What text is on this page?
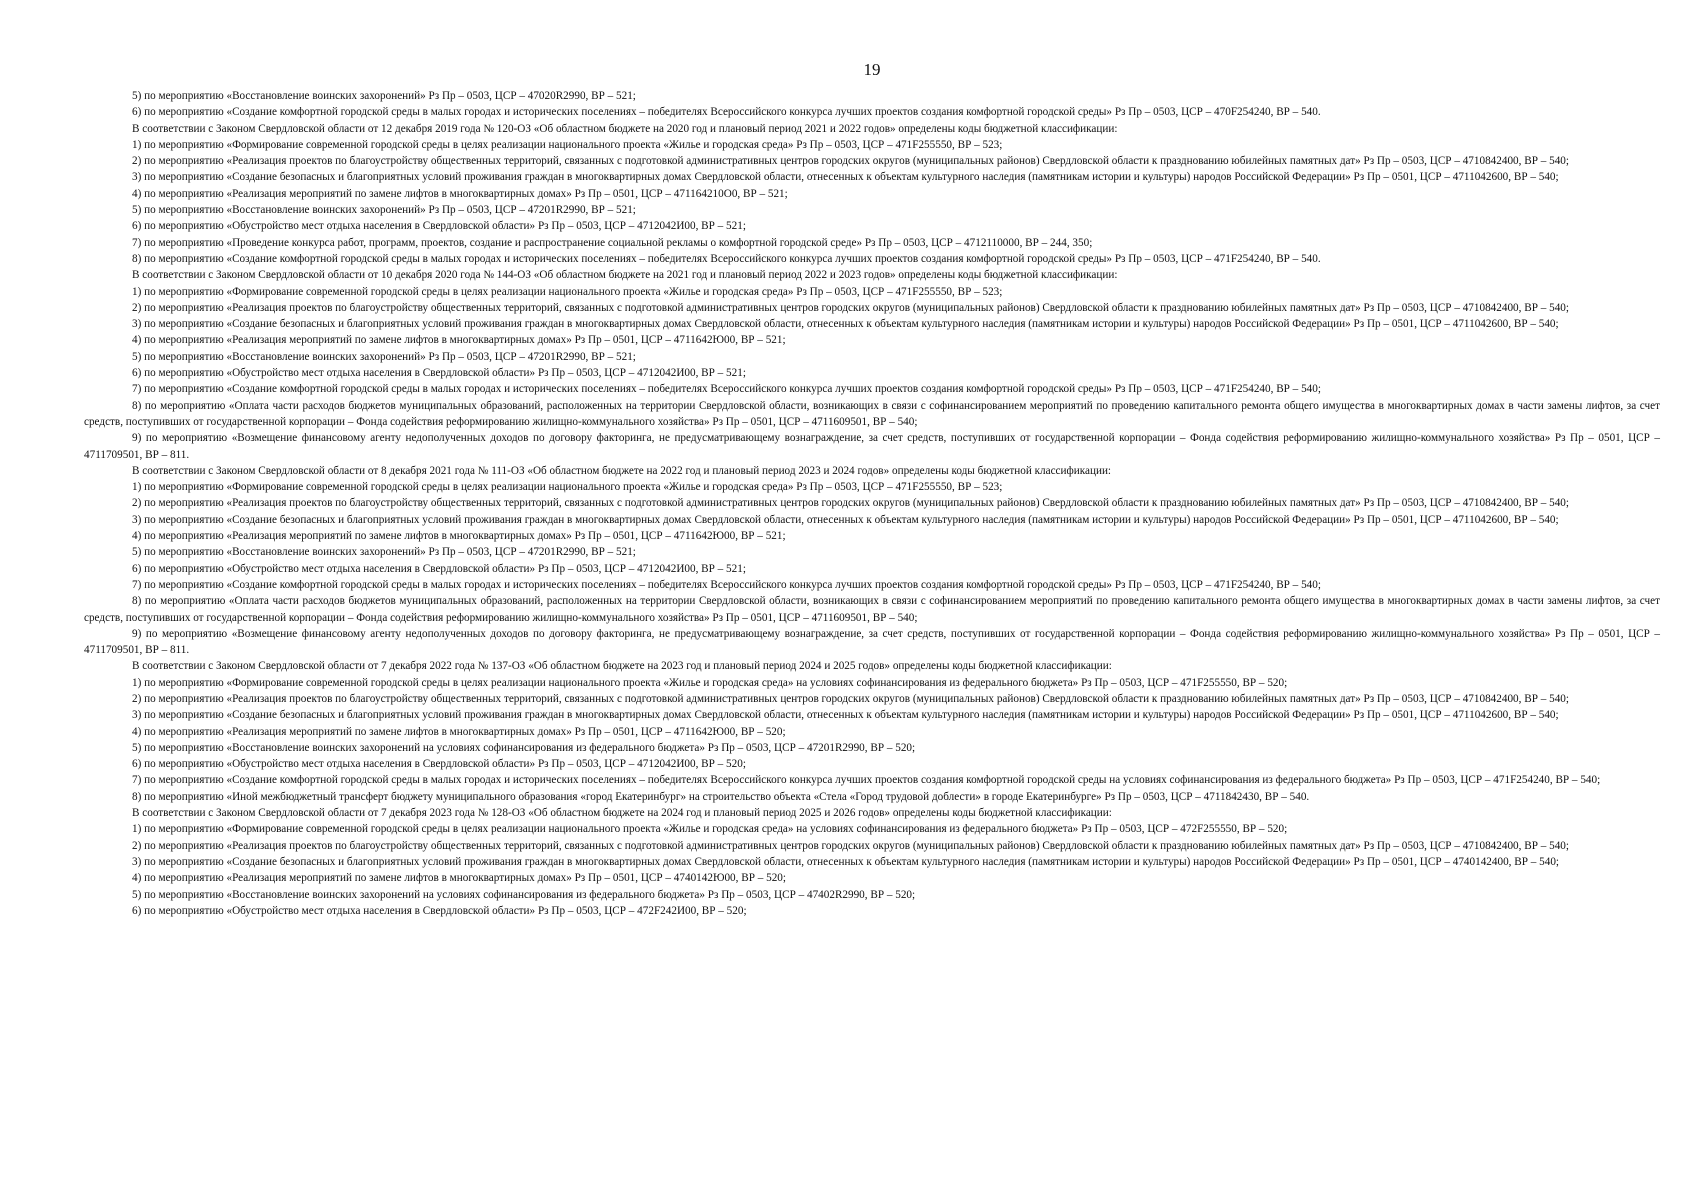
19

5) по мероприятию «Восстановление воинских захоронений» Рз Пр – 0503, ЦСР – 47020R2990, ВР – 521;

6) по мероприятию «Создание комфортной городской среды в малых городах и исторических поселениях – победителях Всероссийского конкурса лучших проектов создания комфортной городской среды» Рз Пр – 0503, ЦСР – 470F254240, ВР – 540.

В соответствии с Законом Свердловской области от 12 декабря 2019 года № 120-ОЗ «Об областном бюджете на 2020 год и плановый период 2021 и 2022 годов» определены коды бюджетной классификации:

1) по мероприятию «Формирование современной городской среды в целях реализации национального проекта «Жилье и городская среда» Рз Пр – 0503, ЦСР – 471F255550, ВР – 523;

2) по мероприятию «Реализация проектов по благоустройству общественных территорий, связанных с подготовкой административных центров городских округов (муниципальных районов) Свердловской области к празднованию юбилейных памятных дат» Рз Пр – 0503, ЦСР – 4710842400, ВР – 540;

3) по мероприятию «Создание безопасных и благоприятных условий проживания граждан в многоквартирных домах Свердловской области, отнесенных к объектам культурного наследия (памятникам истории и культуры) народов Российской Федерации» Рз Пр – 0501, ЦСР – 4711042600, ВР – 540;

4) по мероприятию «Реализация мероприятий по замене лифтов в многоквартирных домах» Рз Пр – 0501, ЦСР – 471164210О0, ВР – 521;

5) по мероприятию «Восстановление воинских захоронений» Рз Пр – 0503, ЦСР – 47201R2990, ВР – 521;

6) по мероприятию «Обустройство мест отдыха населения в Свердловской области» Рз Пр – 0503, ЦСР – 4712042И00, ВР – 521;

7) по мероприятию «Проведение конкурса работ, программ, проектов, создание и распространение социальной рекламы о комфортной городской среде» Рз Пр – 0503, ЦСР – 4712110000, ВР – 244, 350;

8) по мероприятию «Создание комфортной городской среды в малых городах и исторических поселениях – победителях Всероссийского конкурса лучших проектов создания комфортной городской среды» Рз Пр – 0503, ЦСР – 471F254240, ВР – 540.

В соответствии с Законом Свердловской области от 10 декабря 2020 года № 144-ОЗ «Об областном бюджете на 2021 год и плановый период 2022 и 2023 годов» определены коды бюджетной классификации:

1) по мероприятию «Формирование современной городской среды в целях реализации национального проекта «Жилье и городская среда» Рз Пр – 0503, ЦСР – 471F255550, ВР – 523;

2) по мероприятию «Реализация проектов по благоустройству общественных территорий, связанных с подготовкой административных центров городских округов (муниципальных районов) Свердловской области к празднованию юбилейных памятных дат» Рз Пр – 0503, ЦСР – 4710842400, ВР – 540;

3) по мероприятию «Создание безопасных и благоприятных условий проживания граждан в многоквартирных домах Свердловской области, отнесенных к объектам культурного наследия (памятникам истории и культуры) народов Российской Федерации» Рз Пр – 0501, ЦСР – 4711042600, ВР – 540;

4) по мероприятию «Реализация мероприятий по замене лифтов в многоквартирных домах» Рз Пр – 0501, ЦСР – 4711642Ю00, ВР – 521;

5) по мероприятию «Восстановление воинских захоронений» Рз Пр – 0503, ЦСР – 47201R2990, ВР – 521;

6) по мероприятию «Обустройство мест отдыха населения в Свердловской области» Рз Пр – 0503, ЦСР – 4712042И00, ВР – 521;

7) по мероприятию «Создание комфортной городской среды в малых городах и исторических поселениях – победителях Всероссийского конкурса лучших проектов создания комфортной городской среды» Рз Пр – 0503, ЦСР – 471F254240, ВР – 540;

8) по мероприятию «Оплата части расходов бюджетов муниципальных образований, расположенных на территории Свердловской области, возникающих в связи с софинансированием мероприятий по проведению капитального ремонта общего имущества в многоквартирных домах в части замены лифтов, за счет средств, поступивших от государственной корпорации – Фонда содействия реформированию жилищно-коммунального хозяйства» Рз Пр – 0501, ЦСР – 4711609501, ВР – 540;

9) по мероприятию «Возмещение финансовому агенту недополученных доходов по договору факторинга, не предусматривающему вознаграждение, за счет средств, поступивших от государственной корпорации – Фонда содействия реформированию жилищно-коммунального хозяйства» Рз Пр – 0501, ЦСР – 4711709501, ВР – 811.

В соответствии с Законом Свердловской области от 8 декабря 2021 года № 111-ОЗ «Об областном бюджете на 2022 год и плановый период 2023 и 2024 годов» определены коды бюджетной классификации:

1) по мероприятию «Формирование современной городской среды в целях реализации национального проекта «Жилье и городская среда» Рз Пр – 0503, ЦСР – 471F255550, ВР – 523;

2) по мероприятию «Реализация проектов по благоустройству общественных территорий, связанных с подготовкой административных центров городских округов (муниципальных районов) Свердловской области к празднованию юбилейных памятных дат» Рз Пр – 0503, ЦСР – 4710842400, ВР – 540;

3) по мероприятию «Создание безопасных и благоприятных условий проживания граждан в многоквартирных домах Свердловской области, отнесенных к объектам культурного наследия (памятникам истории и культуры) народов Российской Федерации» Рз Пр – 0501, ЦСР – 4711042600, ВР – 540;

4) по мероприятию «Реализация мероприятий по замене лифтов в многоквартирных домах» Рз Пр – 0501, ЦСР – 4711642Ю00, ВР – 521;

5) по мероприятию «Восстановление воинских захоронений» Рз Пр – 0503, ЦСР – 47201R2990, ВР – 521;

6) по мероприятию «Обустройство мест отдыха населения в Свердловской области» Рз Пр – 0503, ЦСР – 4712042И00, ВР – 521;

7) по мероприятию «Создание комфортной городской среды в малых городах и исторических поселениях – победителях Всероссийского конкурса лучших проектов создания комфортной городской среды» Рз Пр – 0503, ЦСР – 471F254240, ВР – 540;

8) по мероприятию «Оплата части расходов бюджетов муниципальных образований, расположенных на территории Свердловской области, возникающих в связи с софинансированием мероприятий по проведению капитального ремонта общего имущества в многоквартирных домах в части замены лифтов, за счет средств, поступивших от государственной корпорации – Фонда содействия реформированию жилищно-коммунального хозяйства» Рз Пр – 0501, ЦСР – 4711609501, ВР – 540;

9) по мероприятию «Возмещение финансовому агенту недополученных доходов по договору факторинга, не предусматривающему вознаграждение, за счет средств, поступивших от государственной корпорации – Фонда содействия реформированию жилищно-коммунального хозяйства» Рз Пр – 0501, ЦСР – 4711709501, ВР – 811.

В соответствии с Законом Свердловской области от 7 декабря 2022 года № 137-ОЗ «Об областном бюджете на 2023 год и плановый период 2024 и 2025 годов» определены коды бюджетной классификации:

1) по мероприятию «Формирование современной городской среды в целях реализации национального проекта «Жилье и городская среда» на условиях софинансирования из федерального бюджета» Рз Пр – 0503, ЦСР – 471F255550, ВР – 520;

2) по мероприятию «Реализация проектов по благоустройству общественных территорий, связанных с подготовкой административных центров городских округов (муниципальных районов) Свердловской области к празднованию юбилейных памятных дат» Рз Пр – 0503, ЦСР – 4710842400, ВР – 540;

3) по мероприятию «Создание безопасных и благоприятных условий проживания граждан в многоквартирных домах Свердловской области, отнесенных к объектам культурного наследия (памятникам истории и культуры) народов Российской Федерации» Рз Пр – 0501, ЦСР – 4711042600, ВР – 540;

4) по мероприятию «Реализация мероприятий по замене лифтов в многоквартирных домах» Рз Пр – 0501, ЦСР – 4711642Ю00, ВР – 520;

5) по мероприятию «Восстановление воинских захоронений на условиях софинансирования из федерального бюджета» Рз Пр – 0503, ЦСР – 47201R2990, ВР – 520;

6) по мероприятию «Обустройство мест отдыха населения в Свердловской области» Рз Пр – 0503, ЦСР – 4712042И00, ВР – 520;

7) по мероприятию «Создание комфортной городской среды в малых городах и исторических поселениях – победителях Всероссийского конкурса лучших проектов создания комфортной городской среды на условиях софинансирования из федерального бюджета» Рз Пр – 0503, ЦСР – 471F254240, ВР – 540;

8) по мероприятию «Иной межбюджетный трансферт бюджету муниципального образования «город Екатеринбург» на строительство объекта «Стела «Город трудовой доблести» в городе Екатеринбурге» Рз Пр – 0503, ЦСР – 4711842430, ВР – 540.

В соответствии с Законом Свердловской области от 7 декабря 2023 года № 128-ОЗ «Об областном бюджете на 2024 год и плановый период 2025 и 2026 годов» определены коды бюджетной классификации:

1) по мероприятию «Формирование современной городской среды в целях реализации национального проекта «Жилье и городская среда» на условиях софинансирования из федерального бюджета» Рз Пр – 0503, ЦСР – 472F255550, ВР – 520;

2) по мероприятию «Реализация проектов по благоустройству общественных территорий, связанных с подготовкой административных центров городских округов (муниципальных районов) Свердловской области к празднованию юбилейных памятных дат» Рз Пр – 0503, ЦСР – 4710842400, ВР – 540;

3) по мероприятию «Создание безопасных и благоприятных условий проживания граждан в многоквартирных домах Свердловской области, отнесенных к объектам культурного наследия (памятникам истории и культуры) народов Российской Федерации» Рз Пр – 0501, ЦСР – 4740142400, ВР – 540;

4) по мероприятию «Реализация мероприятий по замене лифтов в многоквартирных домах» Рз Пр – 0501, ЦСР – 4740142Ю00, ВР – 520;

5) по мероприятию «Восстановление воинских захоронений на условиях софинансирования из федерального бюджета» Рз Пр – 0503, ЦСР – 47402R2990, ВР – 520;

6) по мероприятию «Обустройство мест отдыха населения в Свердловской области» Рз Пр – 0503, ЦСР – 472F242И00, ВР – 520;
